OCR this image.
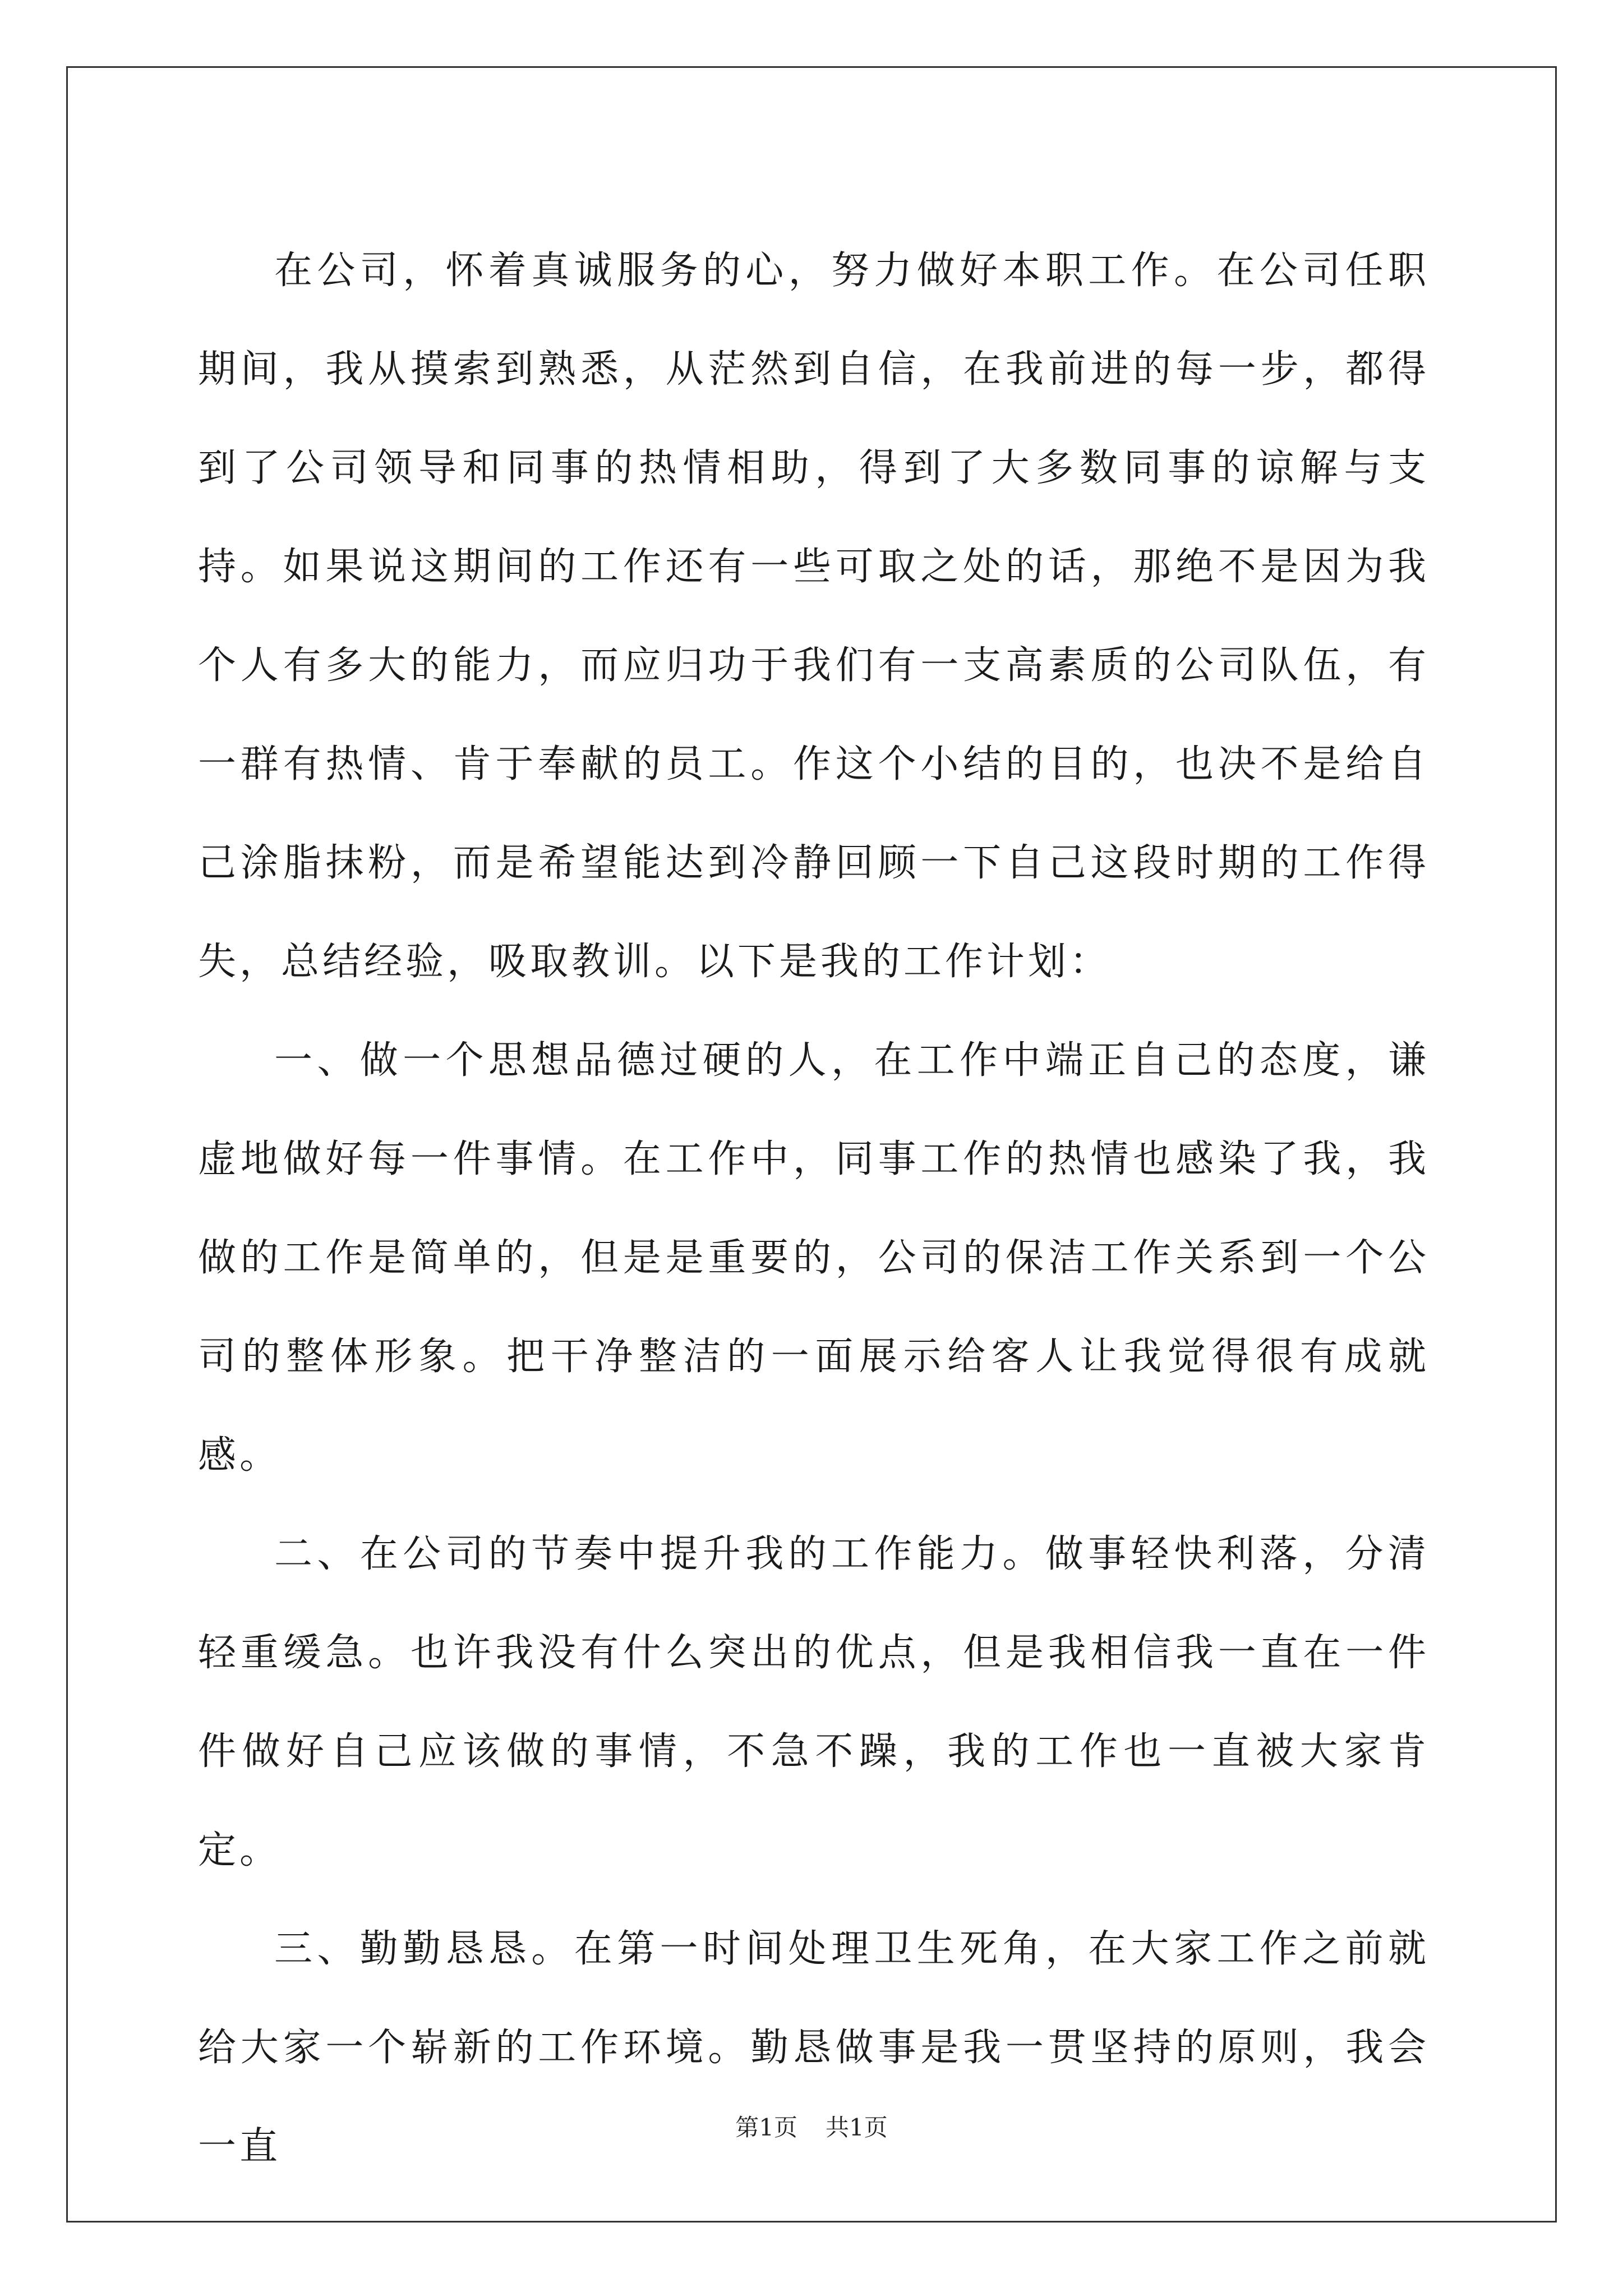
在公司，怀着真诚服务的心，努力做好本职工作。在公司任职期间，我从摸索到熟悉，从茫然到自信，在我前进的每一步，都得到了公司领导和同事的热情相助，得到了大多数同事的谅解与支持。如果说这期间的工作还有一些可取之处的话，那绝不是因为我个人有多大的能力，而应归功于我们有一支高素质的公司队伍，有一群有热情、肯于奉献的员工。作这个小结的目的，也决不是给自己涂脂抹粉，而是希望能达到冷静回顾一下自己这段时期的工作得失，总结经验，吸取教训。以下是我的工作计划：

一、做一个思想品德过硬的人，在工作中端正自己的态度，谦虚地做好每一件事情。在工作中，同事工作的热情也感染了我，我做的工作是简单的，但是是重要的，公司的保洁工作关系到一个公司的整体形象。把干净整洁的一面展示给客人让我觉得很有成就感。

二、在公司的节奏中提升我的工作能力。做事轻快利落，分清轻重缓急。也许我没有什么突出的优点，但是我相信我一直在一件件做好自己应该做的事情，不急不躁，我的工作也一直被大家肯定。

三、勤勤恳恳。在第一时间处理卫生死角，在大家工作之前就给大家一个崭新的工作环境。勤恳做事是我一贯坚持的原则，我会一直	第1页 共1页
